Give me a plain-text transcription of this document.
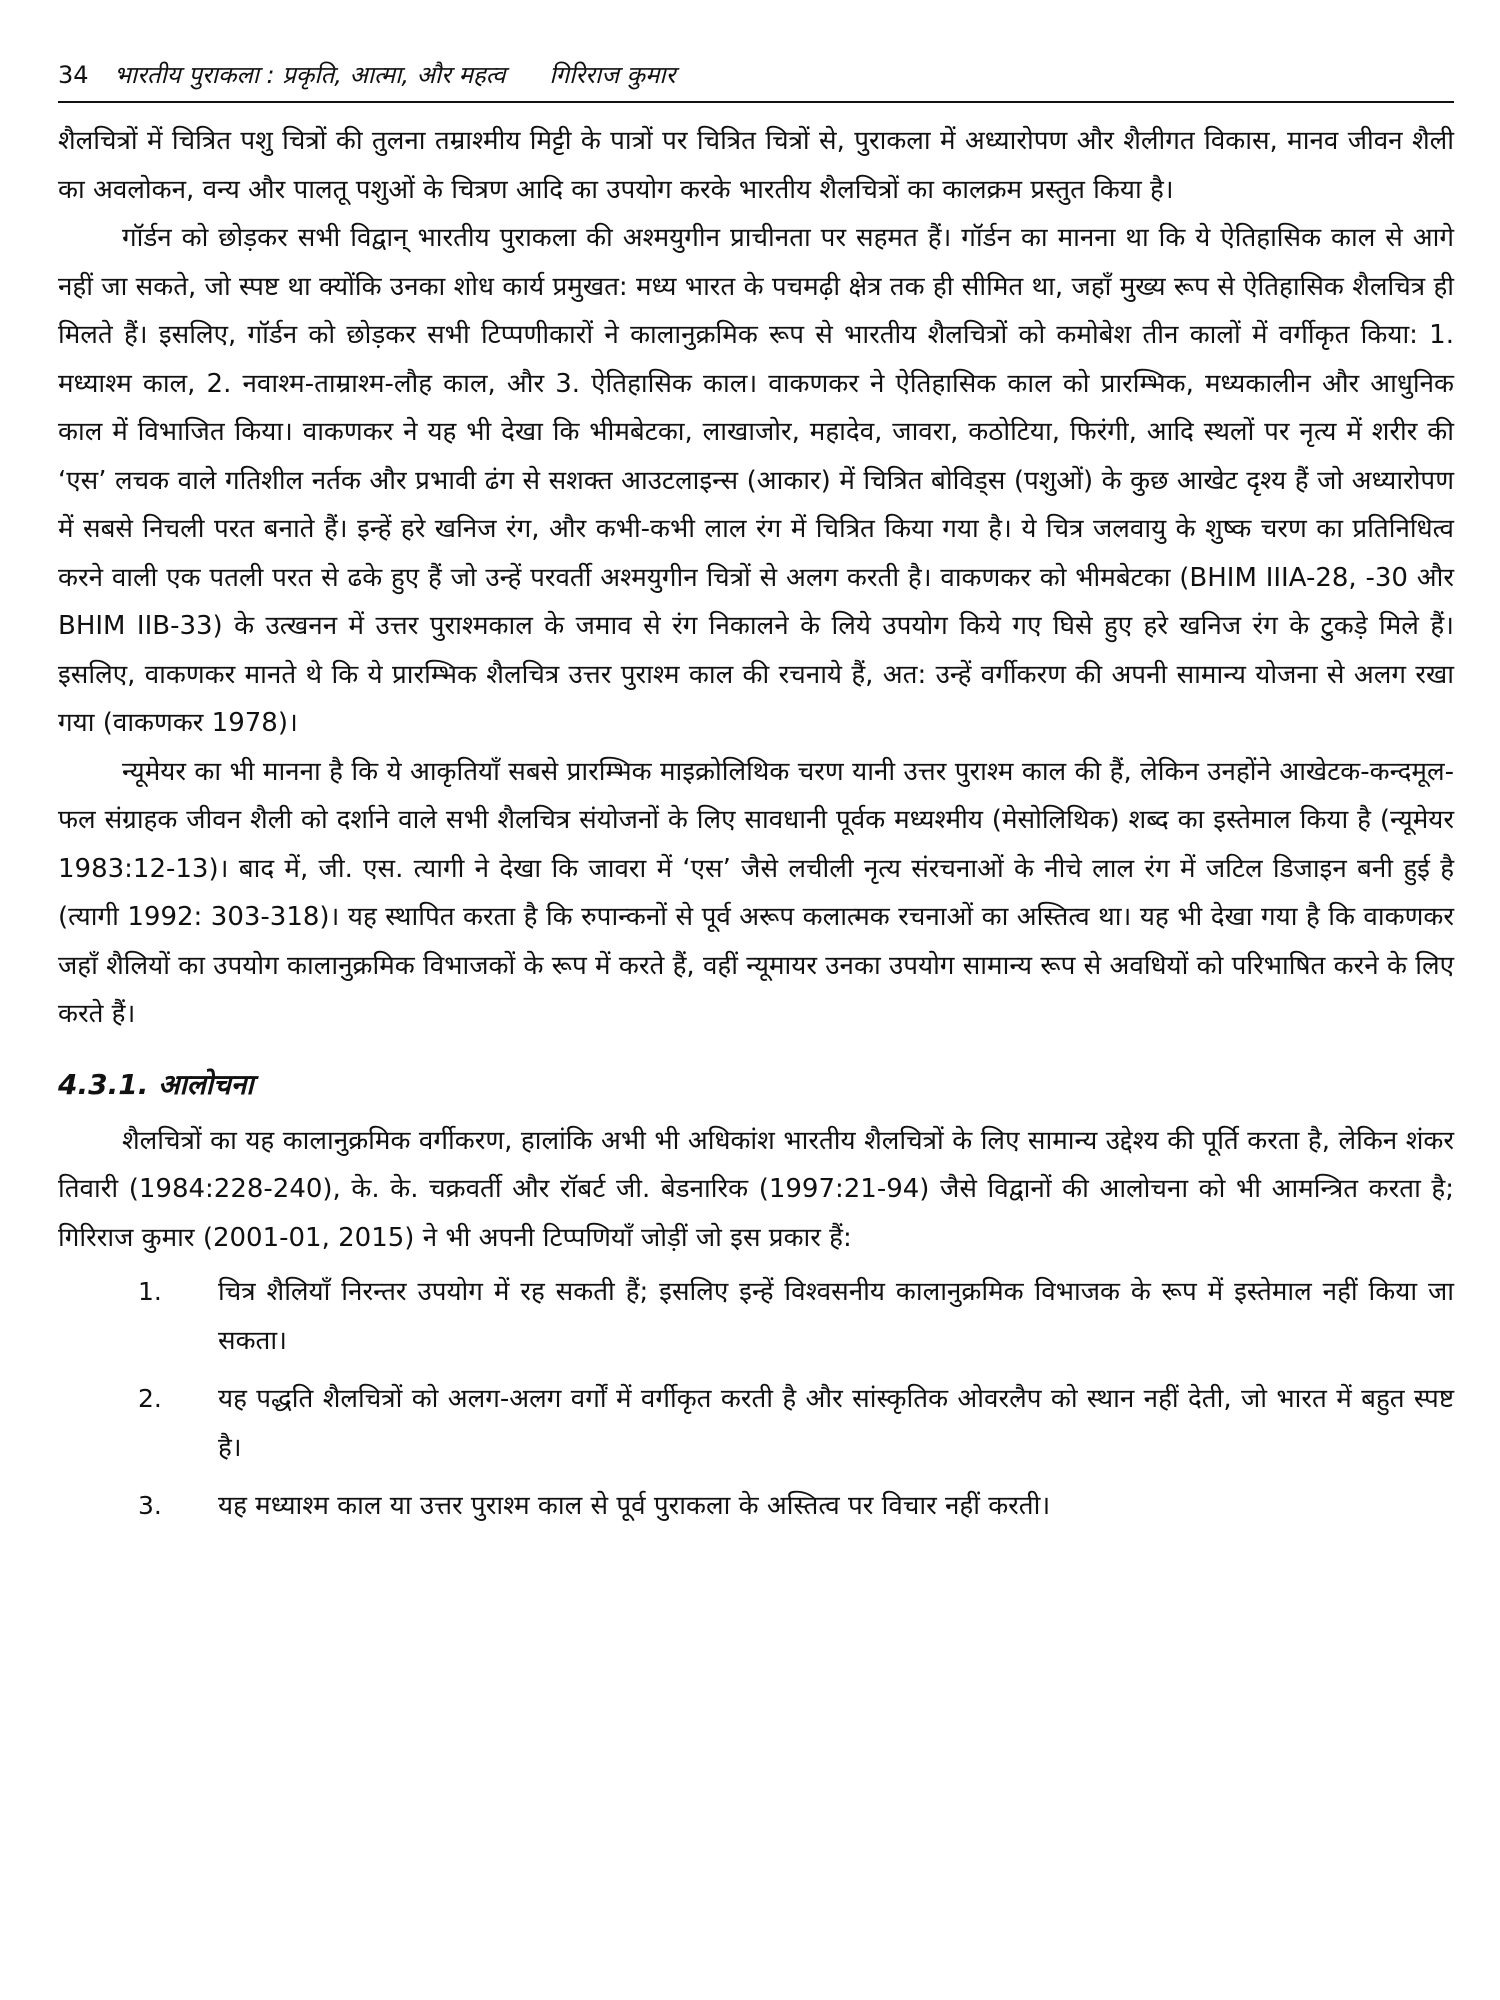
34	भारतीय पुराकला : प्रकृति, आत्मा, और महत्व गिरिराज कुमार

शैलचित्रों में चित्रित पशु चित्रों की तुलना तम्राश्मीय मिट्टी के पात्रों पर चित्रित चित्रों से, पुराकला में अध्यारोपण और शैलीगत विकास, मानव जीवन शैली का अवलोकन, वन्य और पालतू पशुओं के चित्रण आदि का उपयोग करके भारतीय शैलचित्रों का कालक्रम प्रस्तुत किया है।

गॉर्डन को छोड़कर सभी विद्वान् भारतीय पुराकला की अश्मयुगीन प्राचीनता पर सहमत हैं। गॉर्डन का मानना था कि ये ऐतिहासिक काल से आगे नहीं जा सकते, जो स्पष्ट था क्योंकि उनका शोध कार्य प्रमुखत: मध्य भारत के पचमढ़ी क्षेत्र तक ही सीमित था, जहाँ मुख्य रूप से ऐतिहासिक शैलचित्र ही मिलते हैं। इसलिए, गॉर्डन को छोड़कर सभी टिप्पणीकारों ने कालानुक्रमिक रूप से भारतीय शैलचित्रों को कमोबेश तीन कालों में वर्गीकृत किया: 1. मध्याश्म काल, 2. नवाश्म-ताम्राश्म-लौह काल, और 3. ऐतिहासिक काल। वाकणकर ने ऐतिहासिक काल को प्रारम्भिक, मध्यकालीन और आधुनिक काल में विभाजित किया। वाकणकर ने यह भी देखा कि भीमबेटका, लाखाजोर, महादेव, जावरा, कठोटिया, फिरंगी, आदि स्थलों पर नृत्य में शरीर की ‘एस’ लचक वाले गतिशील नर्तक और प्रभावी ढंग से सशक्त आउटलाइन्स (आकार) में चित्रित बोविड्स (पशुओं) के कुछ आखेट दृश्य हैं जो अध्यारोपण में सबसे निचली परत बनाते हैं। इन्हें हरे खनिज रंग, और कभी-कभी लाल रंग में चित्रित किया गया है। ये चित्र जलवायु के शुष्क चरण का प्रतिनिधित्व करने वाली एक पतली परत से ढके हुए हैं जो उन्हें परवर्ती अश्मयुगीन चित्रों से अलग करती है। वाकणकर को भीमबेटका (BHIM IIIA-28, -30 और BHIM IIB-33) के उत्खनन में उत्तर पुराश्मकाल के जमाव से रंग निकालने के लिये उपयोग किये गए घिसे हुए हरे खनिज रंग के टुकड़े मिले हैं। इसलिए, वाकणकर मानते थे कि ये प्रारम्भिक शैलचित्र उत्तर पुराश्म काल की रचनाये हैं, अत: उन्हें वर्गीकरण की अपनी सामान्य योजना से अलग रखा गया (वाकणकर 1978)।

न्यूमेयर का भी मानना है कि ये आकृतियाँ सबसे प्रारम्भिक माइक्रोलिथिक चरण यानी उत्तर पुराश्म काल की हैं, लेकिन उनहोंने आखेटक-कन्दमूल-फल संग्राहक जीवन शैली को दर्शाने वाले सभी शैलचित्र संयोजनों के लिए सावधानी पूर्वक मध्यश्मीय (मेसोलिथिक) शब्द का इस्तेमाल किया है (न्यूमेयर 1983:12-13)। बाद में, जी. एस. त्यागी ने देखा कि जावरा में ‘एस’ जैसे लचीली नृत्य संरचनाओं के नीचे लाल रंग में जटिल डिजाइन बनी हुई है (त्यागी 1992: 303-318)। यह स्थापित करता है कि रुपान्कनों से पूर्व अरूप कलात्मक रचनाओं का अस्तित्व था। यह भी देखा गया है कि वाकणकर जहाँ शैलियों का उपयोग कालानुक्रमिक विभाजकों के रूप में करते हैं, वहीं न्यूमायर उनका उपयोग सामान्य रूप से अवधियों को परिभाषित करने के लिए करते हैं।

4.3.1. आलोचना

शैलचित्रों का यह कालानुक्रमिक वर्गीकरण, हालांकि अभी भी अधिकांश भारतीय शैलचित्रों के लिए सामान्य उद्देश्य की पूर्ति करता है, लेकिन शंकर तिवारी (1984:228-240), के. के. चक्रवर्ती और रॉबर्ट जी. बेडनारिक (1997:21-94) जैसे विद्वानों की आलोचना को भी आमन्त्रित करता है; गिरिराज कुमार (2001-01, 2015) ने भी अपनी टिप्पणियाँ जोड़ीं जो इस प्रकार हैं:

1.	चित्र शैलियाँ निरन्तर उपयोग में रह सकती हैं; इसलिए इन्हें विश्वसनीय कालानुक्रमिक विभाजक के रूप में इस्तेमाल नहीं किया जा सकता।
2.	यह पद्धति शैलचित्रों को अलग-अलग वर्गों में वर्गीकृत करती है और सांस्कृतिक ओवरलैप को स्थान नहीं देती, जो भारत में बहुत स्पष्ट है।
3.	यह मध्याश्म काल या उत्तर पुराश्म काल से पूर्व पुराकला के अस्तित्व पर विचार नहीं करती।
